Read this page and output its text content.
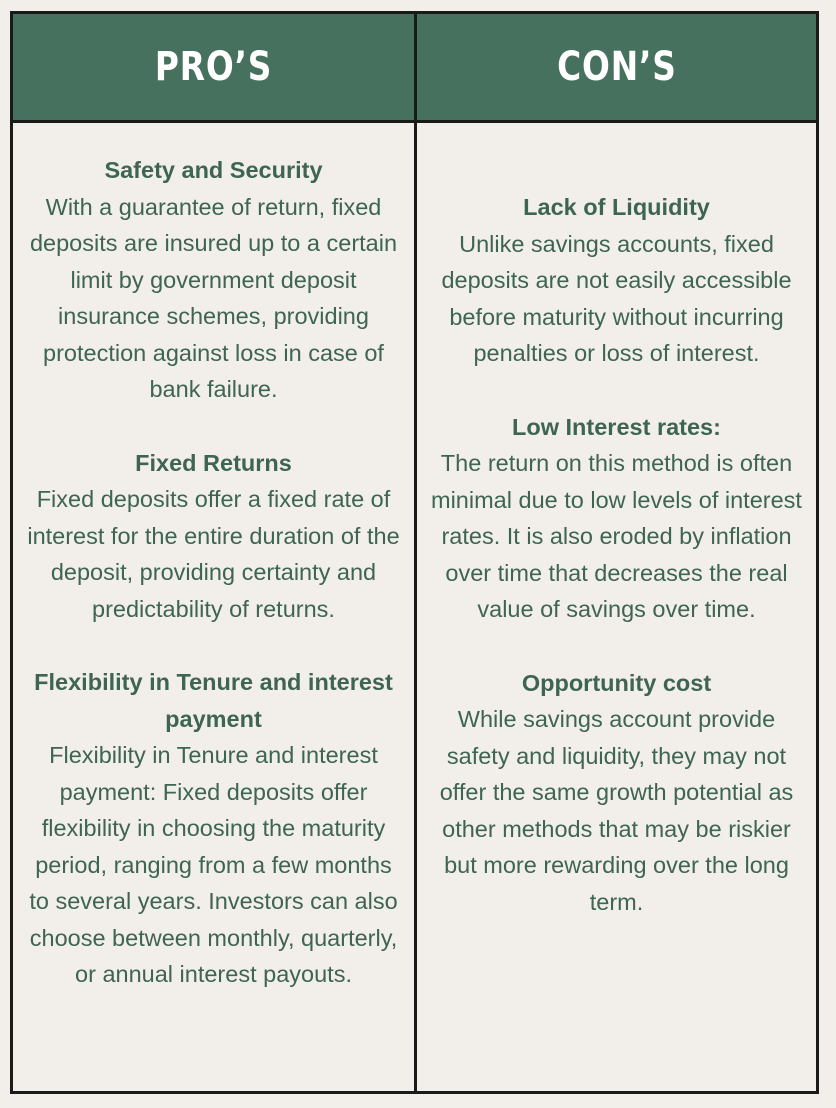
PRO’S	CON’S
Safety and Security
With a guarantee of return, fixed deposits are insured up to a certain limit by government deposit insurance schemes, providing protection against loss in case of bank failure.
Fixed Returns
Fixed deposits offer a fixed rate of interest for the entire duration of the deposit, providing certainty and predictability of returns.
Flexibility in Tenure and interest payment
Flexibility in Tenure and interest payment: Fixed deposits offer flexibility in choosing the maturity period, ranging from a few months to several years. Investors can also choose between monthly, quarterly, or annual interest payouts.
Lack of Liquidity
Unlike savings accounts, fixed deposits are not easily accessible before maturity without incurring penalties or loss of interest.
Low Interest rates:
The return on this method is often minimal due to low levels of interest rates. It is also eroded by inflation over time that decreases the real value of savings over time.
Opportunity cost
While savings account provide safety and liquidity, they may not offer the same growth potential as other methods that may be riskier but more rewarding over the long term.
